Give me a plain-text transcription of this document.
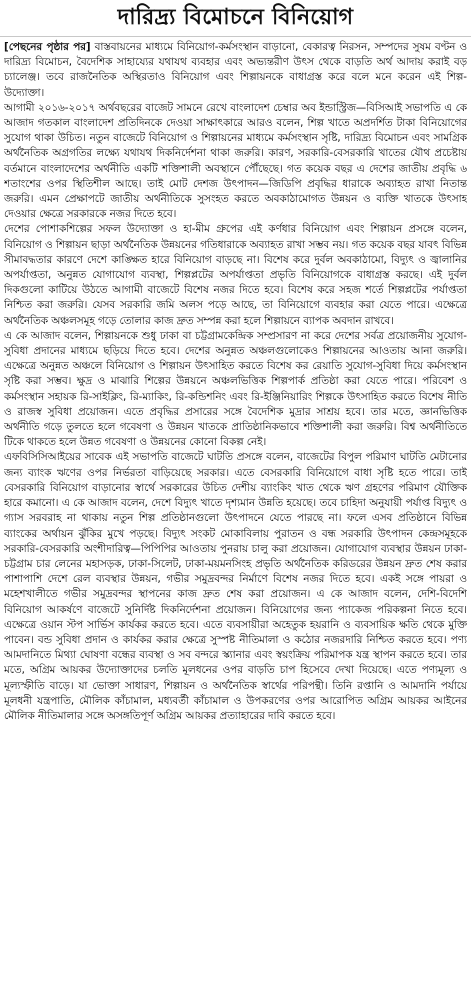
দারিদ্র্য বিমোচনে বিনিয়োগ

[পেছনের পৃষ্ঠার পর] বাস্তবায়নের মাধ্যমে বিনিয়োগ-কর্মসংস্থান বাড়ানো, বেকারত্ব নিরসন, সম্পদের সুষম বণ্টন ও দারিদ্র্য বিমোচন, বৈদেশিক সাহায্যের যথাযথ ব্যবহার এবং অভ্যন্তরীণ উৎস থেকে বাড়তি অর্থ আদায় করাই বড় চ্যালেঞ্জ। তবে রাজনৈতিক অস্থিরতাও বিনিয়োগ এবং শিল্পায়নকে বাধাগ্রস্ত করে বলে মনে করেন এই শিল্প-উদ্যোক্তা।

আগামী ২০১৬-২০১৭ অর্থবছরের বাজেট সামনে রেখে বাংলাদেশ চেম্বার অব ইন্ডাস্ট্রিজ—বিসিআই সভাপতি এ কে আজাদ গতকাল বাংলাদেশ প্রতিদিনকে দেওয়া সাক্ষাৎকারে আরও বলেন, শিল্প খাতে অপ্রদর্শিত টাকা বিনিয়োগের সুযোগ থাকা উচিত। নতুন বাজেটে বিনিয়োগ ও শিল্পায়নের মাধ্যমে কর্মসংস্থান সৃষ্টি, দারিদ্র্য বিমোচন এবং সামগ্রিক অর্থনৈতিক অগ্রগতির লক্ষ্যে যথাযথ দিকনির্দেশনা থাকা জরুরি। কারণ, সরকারি-বেসরকারি খাতের যৌথ প্রচেষ্টায় বর্তমানে বাংলাদেশের অর্থনীতি একটি শক্তিশালী অবস্থানে পৌঁছেছে। গত কয়েক বছর এ দেশের জাতীয় প্রবৃদ্ধি ৬ শতাংশের ওপর স্থিতিশীল আছে। তাই মোট দেশজ উৎপাদন—জিডিপি প্রবৃদ্ধির ধারাকে অব্যাহত রাখা নিতান্ত জরুরি। এমন প্রেক্ষাপটে জাতীয় অর্থনীতিকে সুসংহত করতে অবকাঠামোগত উন্নয়ন ও ব্যক্তি খাতকে উৎসাহ দেওয়ার ক্ষেত্রে সরকারকে নজর দিতে হবে।

দেশের পোশাকশিল্পের সফল উদ্যোক্তা ও হা-মীম গ্রুপের এই কর্ণধার বিনিয়োগ এবং শিল্পায়ন প্রসঙ্গে বলেন, বিনিয়োগ ও শিল্পায়ন ছাড়া অর্থনৈতিক উন্নয়নের গতিধারাকে অব্যাহত রাখা সম্ভব নয়। গত কয়েক বছর যাবৎ বিভিন্ন সীমাবদ্ধতার কারণে দেশে কাঙ্ক্ষিত হারে বিনিয়োগ বাড়ছে না। বিশেষ করে দুর্বল অবকাঠামো, বিদ্যুৎ ও জ্বালানির অপর্যাপ্ততা, অনুন্নত যোগাযোগ ব্যবস্থা, শিল্পপ্লটের অপর্যাপ্ততা প্রভৃতি বিনিয়োগকে বাধাগ্রস্ত করছে। এই দুর্বল দিকগুলো কাটিয়ে উঠতে আগামী বাজেটে বিশেষ নজর দিতে হবে। বিশেষ করে সহজ শর্তে শিল্পপ্লটের পর্যাপ্ততা নিশ্চিত করা জরুরি। যেসব সরকারি জমি অলস পড়ে আছে, তা বিনিয়োগে ব্যবহার করা যেতে পারে। এক্ষেত্রে অর্থনৈতিক অঞ্চলসমূহ গড়ে তোলার কাজ দ্রুত সম্পন্ন করা হলে শিল্পায়নে ব্যাপক অবদান রাখবে।

এ কে আজাদ বলেন, শিল্পায়নকে শুধু ঢাকা বা চট্টগ্রামকেন্দ্রিক সম্প্রসারণ না করে দেশের সর্বত্র প্রয়োজনীয় সুযোগ-সুবিধা প্রদানের মাধ্যমে ছড়িয়ে দিতে হবে। দেশের অনুন্নত অঞ্চলগুলোকেও শিল্পায়নের আওতায় আনা জরুরি। এক্ষেত্রে অনুন্নত অঞ্চলে বিনিয়োগ ও শিল্পায়ন উৎসাহিত করতে বিশেষ কর রেয়াতি সুযোগ-সুবিধা দিয়ে কর্মসংস্থান সৃষ্টি করা সম্ভব। ক্ষুদ্র ও মাঝারি শিল্পের উন্নয়নে অঞ্চলভিত্তিক শিল্পপার্ক প্রতিষ্ঠা করা যেতে পারে। পরিবেশ ও কর্মসংস্থান সহায়ক রি-সাইক্লিং, রি-ম্যাকিং, রি-কন্ডিশনিং এবং রি-ইঞ্জিনিয়ারিং শিল্পকে উৎসাহিত করতে বিশেষ নীতি ও রাজস্ব সুবিধা প্রয়োজন। এতে প্রবৃদ্ধির প্রসারের সঙ্গে বৈদেশিক মুদ্রার সাশ্রয় হবে। তার মতে, জ্ঞানভিত্তিক অর্থনীতি গড়ে তুলতে হলে গবেষণা ও উন্নয়ন খাতকে প্রাতিষ্ঠানিকভাবে শক্তিশালী করা জরুরি। বিশ্ব অর্থনীতিতে টিকে থাকতে হলে উন্নত গবেষণা ও উন্নয়নের কোনো বিকল্প নেই।

এফবিসিসিআইয়ের সাবেক এই সভাপতি বাজেটে ঘাটতি প্রসঙ্গে বলেন, বাজেটের বিপুল পরিমাণ ঘাটতি মেটানোর জন্য ব্যাংক ঋণের ওপর নির্ভরতা বাড়িয়েছে সরকার। এতে বেসরকারি বিনিয়োগে বাধা সৃষ্টি হতে পারে। তাই বেসরকারি বিনিয়োগ বাড়ানোর স্বার্থে সরকারের উচিত দেশীয় ব্যাংকিং খাত থেকে ঋণ গ্রহণের পরিমাণ যৌক্তিক হারে কমানো। এ কে আজাদ বলেন, দেশে বিদ্যুৎ খাতে দৃশ্যমান উন্নতি হয়েছে। তবে চাহিদা অনুযায়ী পর্যাপ্ত বিদ্যুৎ ও গ্যাস সরবরাহ না থাকায় নতুন শিল্প প্রতিষ্ঠানগুলো উৎপাদনে যেতে পারছে না। ফলে এসব প্রতিষ্ঠানে বিভিন্ন ব্যাংকের অর্থায়ন ঝুঁকির মুখে পড়ছে। বিদ্যুৎ সংকট মোকাবিলায় পুরাতন ও বন্ধ সরকারি উৎপাদন কেন্দ্রসমূহকে সরকারি-বেসরকারি অংশীদারিত্ব—পিপিপির আওতায় পুনরায় চালু করা প্রয়োজন। যোগাযোগ ব্যবস্থার উন্নয়ন ঢাকা-চট্টগ্রাম চার লেনের মহাসড়ক, ঢাকা-সিলেট, ঢাকা-ময়মনসিংহ প্রভৃতি অর্থনৈতিক করিডরের উন্নয়ন দ্রুত শেষ করার পাশাপাশি দেশে রেল ব্যবস্থার উন্নয়ন, গভীর সমুদ্রবন্দর নির্মাণে বিশেষ নজর দিতে হবে। একই সঙ্গে পায়রা ও মহেশখালীতে গভীর সমুদ্রবন্দর স্থাপনের কাজ দ্রুত শেষ করা প্রয়োজন। এ কে আজাদ বলেন, দেশি-বিদেশি বিনিয়োগ আকর্ষণে বাজেটে সুনির্দিষ্ট দিকনির্দেশনা প্রয়োজন। বিনিয়োগের জন্য প্যাকেজ পরিকল্পনা নিতে হবে। এক্ষেত্রে ওয়ান স্টপ সার্ভিস কার্যকর করতে হবে। এতে ব্যবসায়ীরা অহেতুক হয়রানি ও ব্যবসায়িক ক্ষতি থেকে মুক্তি পাবেন। বন্ড সুবিধা প্রদান ও কার্যকর করার ক্ষেত্রে সুস্পষ্ট নীতিমালা ও কঠোর নজরদারি নিশ্চিত করতে হবে। পণ্য আমদানিতে মিথ্যা ঘোষণা বন্ধের ব্যবস্থা ও সব বন্দরে স্ক্যানার এবং স্বয়ংক্রিয় পরিমাপক যন্ত্র স্থাপন করতে হবে। তার মতে, অগ্রিম আয়কর উদ্যোক্তাদের চলতি মূলধনের ওপর বাড়তি চাপ হিসেবে দেখা দিয়েছে। এতে পণ্যমূল্য ও মূল্যস্ফীতি বাড়ে। যা ভোক্তা সাধারণ, শিল্পায়ন ও অর্থনৈতিক স্বার্থের পরিপন্থী। তিনি রপ্তানি ও আমদানি পর্যায়ে মূলধনী যন্ত্রপাতি, মৌলিক কাঁচামাল, মধ্যবর্তী কাঁচামাল ও উপকরণের ওপর আরোপিত অগ্রিম আয়কর আইনের মৌলিক নীতিমালার সঙ্গে অসঙ্গতিপূর্ণ অগ্রিম আয়কর প্রত্যাহারের দাবি করতে হবে।
